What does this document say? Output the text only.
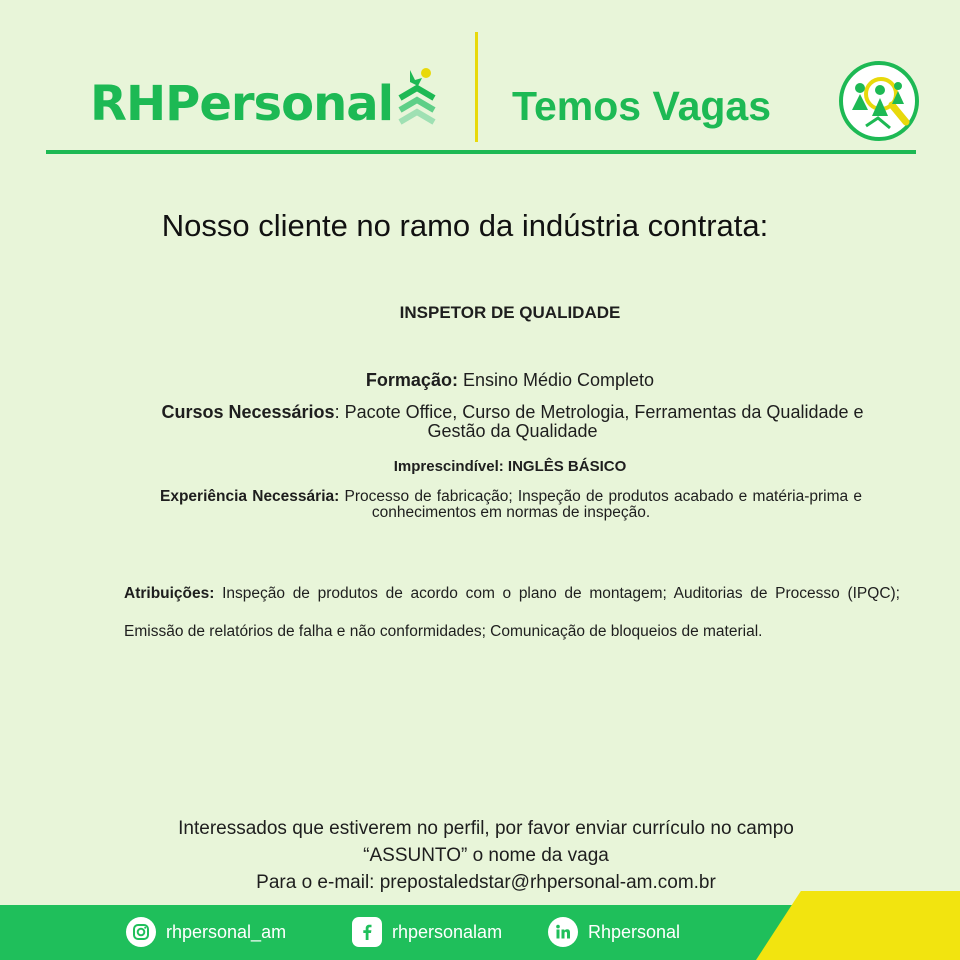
RHPersonal	Temos Vagas
Nosso cliente no ramo da indústria contrata:
INSPETOR DE QUALIDADE
Formação: Ensino Médio Completo
Cursos Necessários: Pacote Office, Curso de Metrologia, Ferramentas da Qualidade e Gestão da Qualidade
Imprescindível: INGLÊS BÁSICO
Experiência Necessária: Processo de fabricação; Inspeção de produtos acabado e matéria-prima e conhecimentos em normas de inspeção.
Atribuições: Inspeção de produtos de acordo com o plano de montagem; Auditorias de Processo (IPQC); Emissão de relatórios de falha e não conformidades; Comunicação de bloqueios de material.
Interessados que estiverem no perfil, por favor enviar currículo no campo
“ASSUNTO” o nome da vaga
Para o e-mail: prepostaledstar@rhpersonal-am.com.br
rhpersonal_am	rhpersonalam	Rhpersonal
